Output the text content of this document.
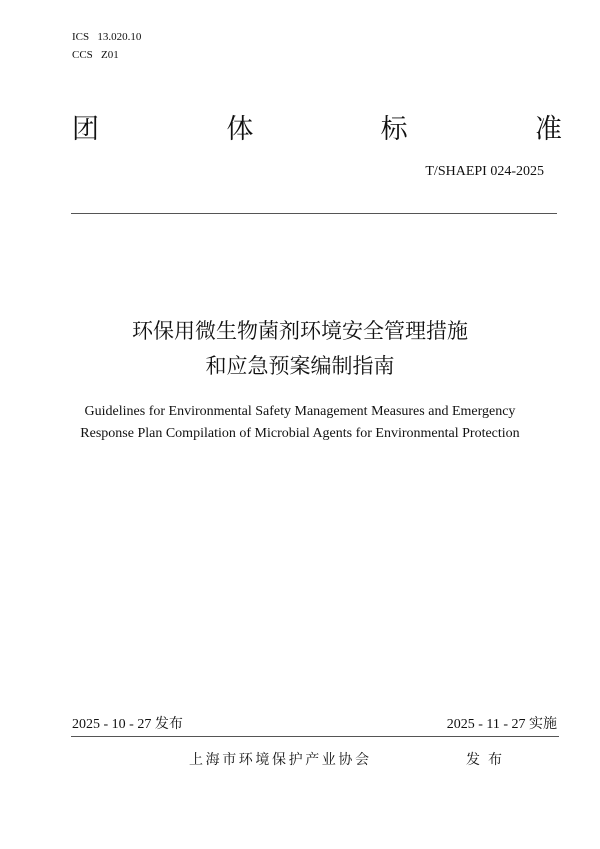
ICS   13.020.10
CCS   Z01
团	体	标	准
T/SHAEPI 024-2025
环保用微生物菌剂环境安全管理措施
和应急预案编制指南
Guidelines for Environmental Safety Management Measures and Emergency
Response Plan Compilation of Microbial Agents for Environmental Protection
2025 - 10 - 27 发布	2025 - 11 - 27 实施
上海市环境保护产业协会	发布
